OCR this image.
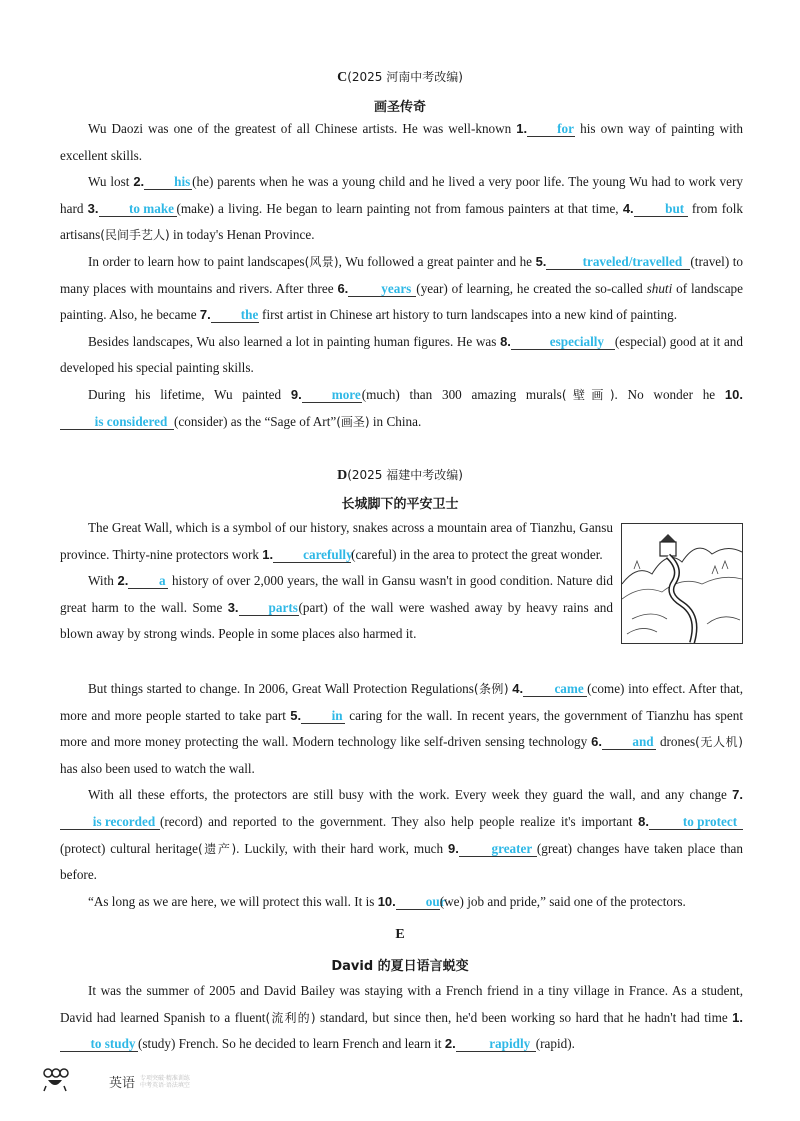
C(2025 河南中考改编)
画圣传奇

Wu Daozi was one of the greatest of all Chinese artists. He was well-known 1. for his own way of painting with excellent skills.

Wu lost 2. his (he) parents when he was a young child and he lived a very poor life. The young Wu had to work very hard 3. to make (make) a living. He began to learn painting not from famous painters at that time, 4. but from folk artisans(民间手艺人) in today's Henan Province.

In order to learn how to paint landscapes(风景), Wu followed a great painter and he 5.	traveled/travelled (travel) to many places with mountains and rivers. After three 6. years (year) of learning, he created the so-called shuti of landscape painting. Also, he became 7. the first artist in Chinese art history to turn landscapes into a new kind of painting.

Besides landscapes, Wu also learned a lot in painting human figures. He was 8.	especially (especial) good at it and developed his special painting skills.

During his lifetime, Wu painted 9. more(much) than 300 amazing murals(壁画). No wonder he 10.is considered (consider) as the “Sage of Art”(画圣) in China.

D(2025 福建中考改编)
长城脚下的平安卫士

The Great Wall, which is a symbol of our history, snakes across a mountain area of Tianzhu, Gansu province. Thirty-nine protectors work 1. carefully(careful) in the area to protect the great wonder.

With 2. a history of over 2,000 years, the wall in Gansu wasn't in good condition. Nature did great harm to the wall. Some 3. parts(part) of the wall were washed away by heavy rains and blown away by strong winds. People in some places also harmed it.

But things started to change. In 2006, Great Wall Protection Regulations(条例) 4. came (come) into effect. After that, more and more people started to take part 5. in caring for the wall. In recent years, the government of Tianzhu has spent more and more money protecting the wall. Modern technology like self-driven sensing technology 6. and drones(无人机) has also been used to watch the wall.

With all these efforts, the protectors are still busy with the work. Every week they guard the wall, and any change 7.is recorded (record) and reported to the government. They also help people realize it's important 8.	to protect(protect) cultural heritage(遗产). Luckily, with their hard work, much 9. greater (great) changes have taken place than before.

“As long as we are here, we will protect this wall. It is 10. our(we) job and pride,” said one of the protectors.

E
David 的夏日语言蜕变

It was the summer of 2005 and David Bailey was staying with a French friend in a tiny village in France. As a student, David had learned Spanish to a fluent(流利的) standard, but since then, he'd been working so hard that he hadn't had time 1.to study (study) French. So he decided to learn French and learn it 2.	rapidly (rapid).

英语 专项突破·精准训练
中考英语·语法填空
